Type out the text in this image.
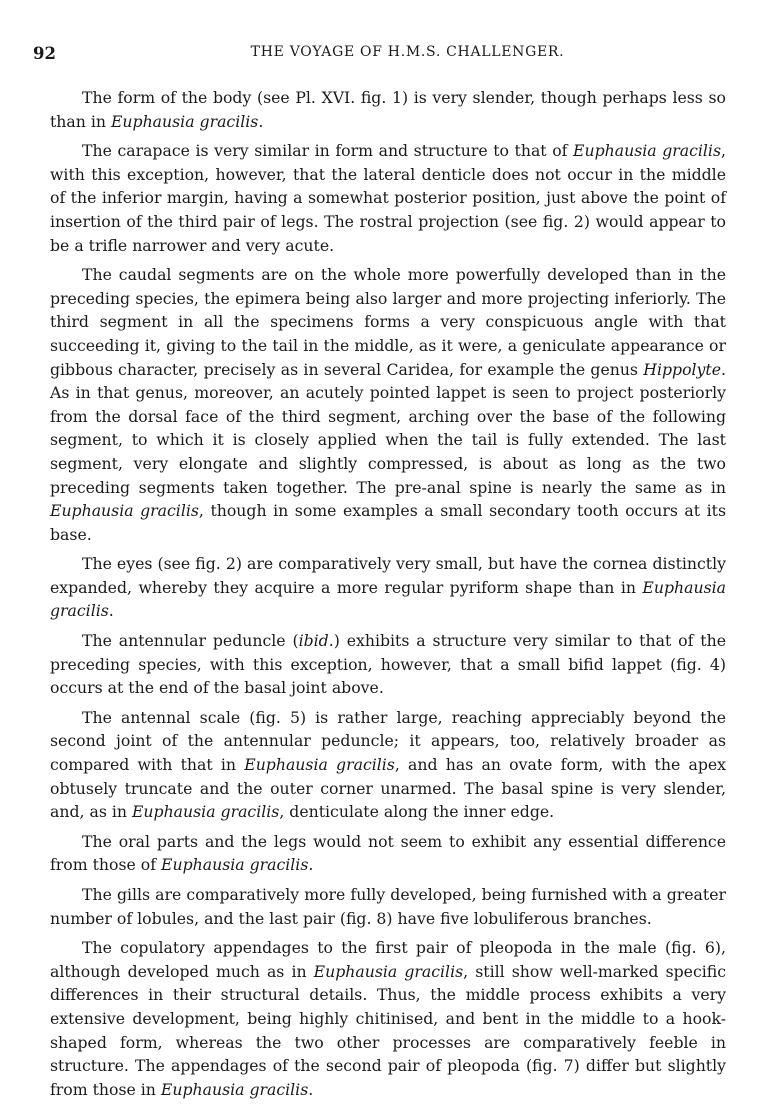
92	THE VOYAGE OF H.M.S. CHALLENGER.

The form of the body (see Pl. XVI. fig. 1) is very slender, though perhaps less so than in Euphausia gracilis.

The carapace is very similar in form and structure to that of Euphausia gracilis, with this exception, however, that the lateral denticle does not occur in the middle of the inferior margin, having a somewhat posterior position, just above the point of insertion of the third pair of legs. The rostral projection (see fig. 2) would appear to be a trifle narrower and very acute.

The caudal segments are on the whole more powerfully developed than in the preceding species, the epimera being also larger and more projecting inferiorly. The third segment in all the specimens forms a very conspicuous angle with that succeeding it, giving to the tail in the middle, as it were, a geniculate appearance or gibbous character, precisely as in several Caridea, for example the genus Hippolyte. As in that genus, moreover, an acutely pointed lappet is seen to project posteriorly from the dorsal face of the third segment, arching over the base of the following segment, to which it is closely applied when the tail is fully extended. The last segment, very elongate and slightly compressed, is about as long as the two preceding segments taken together. The pre-anal spine is nearly the same as in Euphausia gracilis, though in some examples a small secondary tooth occurs at its base.

The eyes (see fig. 2) are comparatively very small, but have the cornea distinctly expanded, whereby they acquire a more regular pyriform shape than in Euphausia gracilis.

The antennular peduncle (ibid.) exhibits a structure very similar to that of the preceding species, with this exception, however, that a small bifid lappet (fig. 4) occurs at the end of the basal joint above.

The antennal scale (fig. 5) is rather large, reaching appreciably beyond the second joint of the antennular peduncle; it appears, too, relatively broader as compared with that in Euphausia gracilis, and has an ovate form, with the apex obtusely truncate and the outer corner unarmed. The basal spine is very slender, and, as in Euphausia gracilis, denticulate along the inner edge.

The oral parts and the legs would not seem to exhibit any essential difference from those of Euphausia gracilis.

The gills are comparatively more fully developed, being furnished with a greater number of lobules, and the last pair (fig. 8) have five lobuliferous branches.

The copulatory appendages to the first pair of pleopoda in the male (fig. 6), although developed much as in Euphausia gracilis, still show well-marked specific differences in their structural details. Thus, the middle process exhibits a very extensive development, being highly chitinised, and bent in the middle to a hook-shaped form, whereas the two other processes are comparatively feeble in structure. The appendages of the second pair of pleopoda (fig. 7) differ but slightly from those in Euphausia gracilis.
